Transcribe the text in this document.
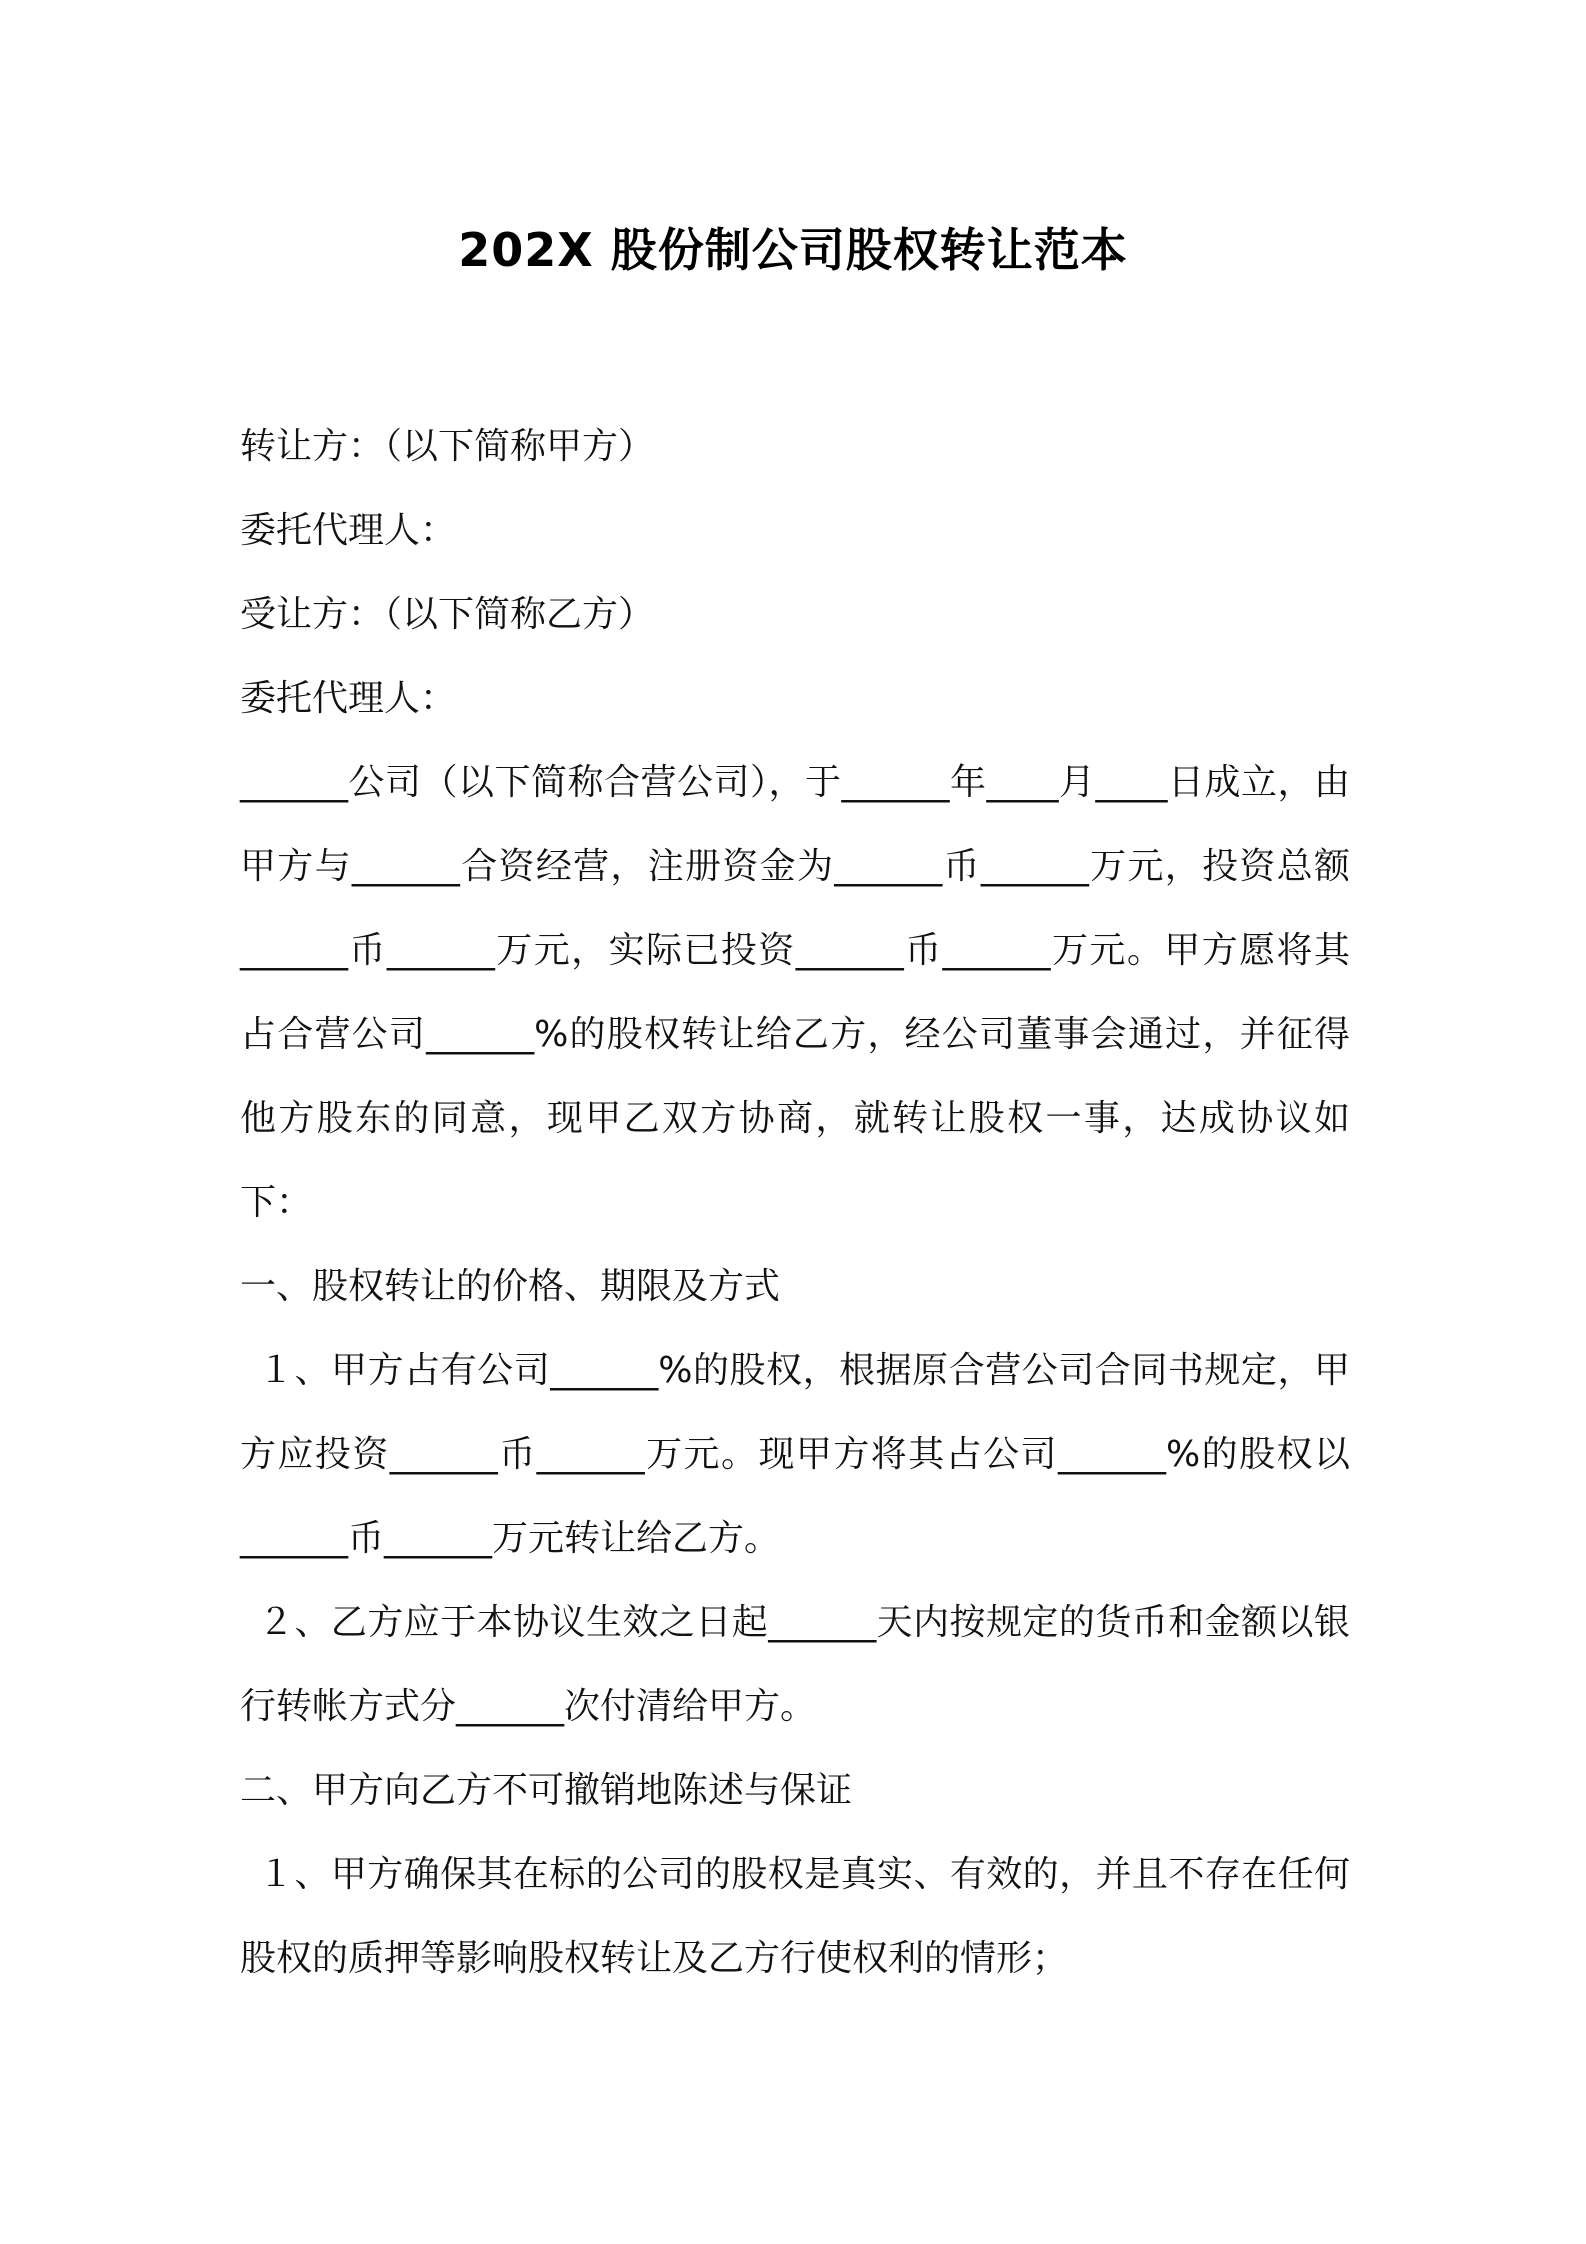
202X 股份制公司股权转让范本

转让方：（以下简称甲方）

委托代理人：

受让方：（以下简称乙方）

委托代理人：

______公司（以下简称合营公司），于______年____月____日成立，由甲方与______合资经营，注册资金为______币______万元，投资总额______币______万元，实际已投资______币______万元。甲方愿将其占合营公司______%的股权转让给乙方，经公司董事会通过，并征得他方股东的同意，现甲乙双方协商，就转让股权一事，达成协议如下：

一、股权转让的价格、期限及方式

１、甲方占有公司______%的股权，根据原合营公司合同书规定，甲方应投资______币______万元。现甲方将其占公司______%的股权以______币______万元转让给乙方。

２、乙方应于本协议生效之日起______天内按规定的货币和金额以银行转帐方式分______次付清给甲方。

二、甲方向乙方不可撤销地陈述与保证

１、甲方确保其在标的公司的股权是真实、有效的，并且不存在任何股权的质押等影响股权转让及乙方行使权利的情形；
